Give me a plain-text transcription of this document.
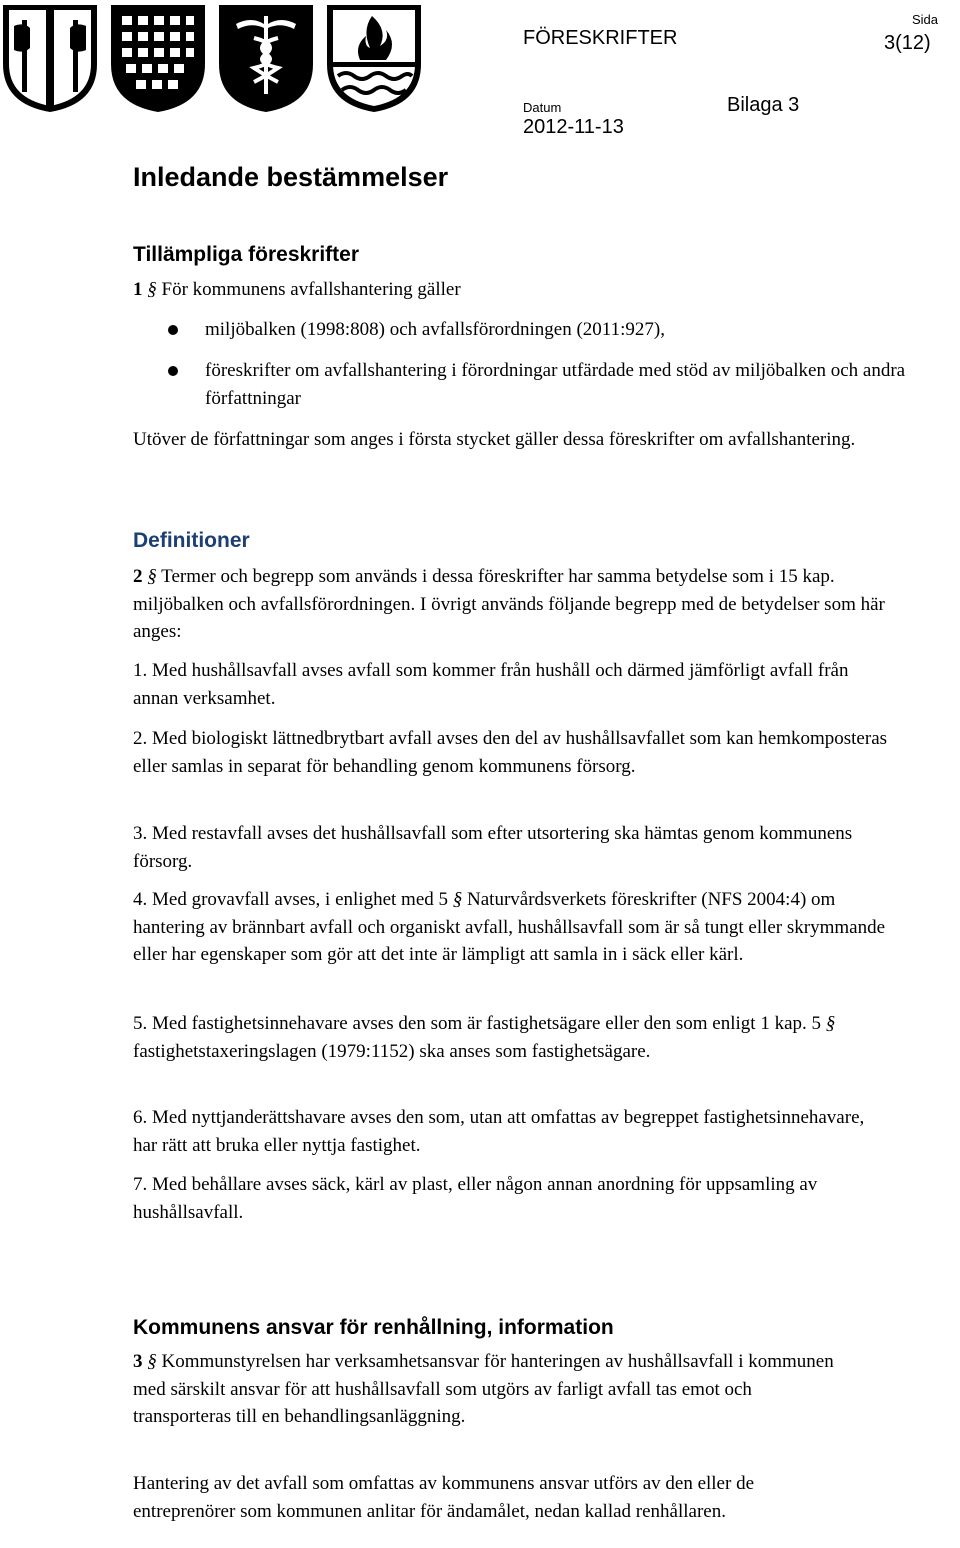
FÖRESKRIFTER
Sida
3(12)
Datum
2012-11-13
Bilaga 3
Inledande bestämmelser
Tillämpliga föreskrifter

1 § För kommunens avfallshantering gäller

miljöbalken (1998:808) och avfallsförordningen (2011:927),

föreskrifter om avfallshantering i förordningar utfärdade med stöd av miljöbalken och andra författningar

Utöver de författningar som anges i första stycket gäller dessa föreskrifter om avfallshantering.

Definitioner

2 § Termer och begrepp som används i dessa föreskrifter har samma betydelse som i 15 kap. miljöbalken och avfallsförordningen. I övrigt används följande begrepp med de betydelser som här anges:

1. Med hushållsavfall avses avfall som kommer från hushåll och därmed jämförligt avfall från annan verksamhet.

2. Med biologiskt lättnedbrytbart avfall avses den del av hushållsavfallet som kan hemkomposteras eller samlas in separat för behandling genom kommunens försorg.

3. Med restavfall avses det hushållsavfall som efter utsortering ska hämtas genom kommunens försorg.

4. Med grovavfall avses, i enlighet med 5 § Naturvårdsverkets föreskrifter (NFS 2004:4) om hantering av brännbart avfall och organiskt avfall, hushållsavfall som är så tungt eller skrymmande eller har egenskaper som gör att det inte är lämpligt att samla in i säck eller kärl.

5. Med fastighetsinnehavare avses den som är fastighetsägare eller den som enligt 1 kap. 5 § fastighetstaxeringslagen (1979:1152) ska anses som fastighetsägare.

6. Med nyttjanderättshavare avses den som, utan att omfattas av begreppet fastighetsinnehavare, har rätt att bruka eller nyttja fastighet.

7. Med behållare avses säck, kärl av plast, eller någon annan anordning för uppsamling av hushållsavfall.

Kommunens ansvar för renhållning, information

3 § Kommunstyrelsen har verksamhetsansvar för hanteringen av hushållsavfall i kommunen med särskilt ansvar för att hushållsavfall som utgörs av farligt avfall tas emot och transporteras till en behandlingsanläggning.

Hantering av det avfall som omfattas av kommunens ansvar utförs av den eller de entreprenörer som kommunen anlitar för ändamålet, nedan kallad renhållaren.
